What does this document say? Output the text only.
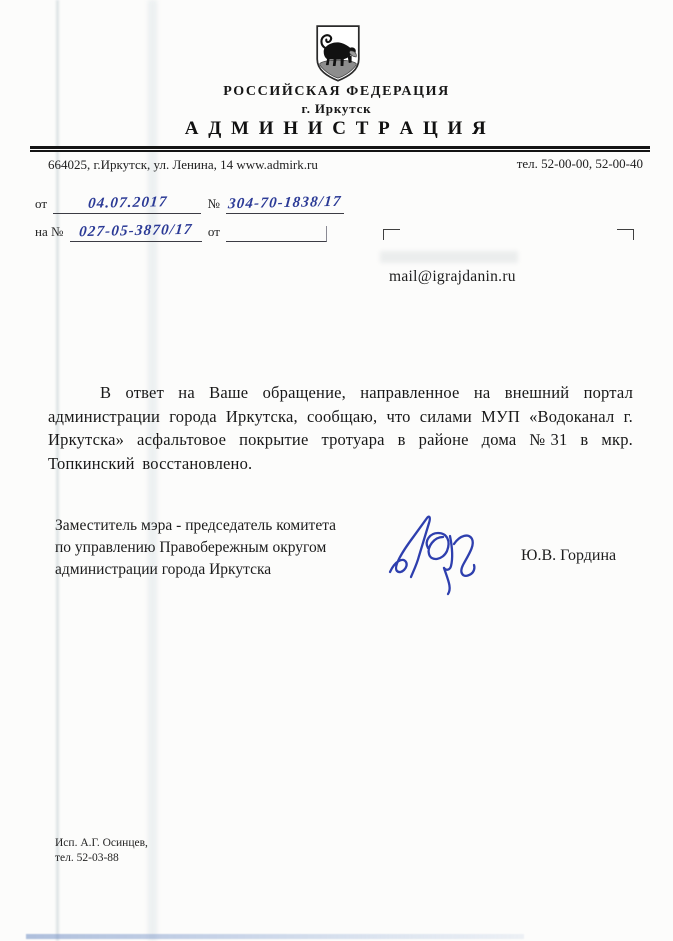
РОССИЙСКАЯ ФЕДЕРАЦИЯ
г. Иркутск
А Д М И Н И С Т Р А Ц И Я
664025, г.Иркутск, ул. Ленина, 14 www.admirk.ru	тел. 52-00-00, 52-00-40
от	04.07.2017	№ 304-70-1838/17
на № 027-05-3870/17 от
mail@igrajdanin.ru
В ответ на Ваше обращение, направленное на внешний портал администрации города Иркутска, сообщаю, что силами МУП «Водоканал г. Иркутска» асфальтовое покрытие тротуара в районе дома №31 в мкр. Топкинский восстановлено.
Заместитель мэра - председатель комитета
по управлению Правобережным округом
администрации города Иркутска
Ю.В. Гордина
Исп. А.Г. Осинцев,
тел. 52-03-88
